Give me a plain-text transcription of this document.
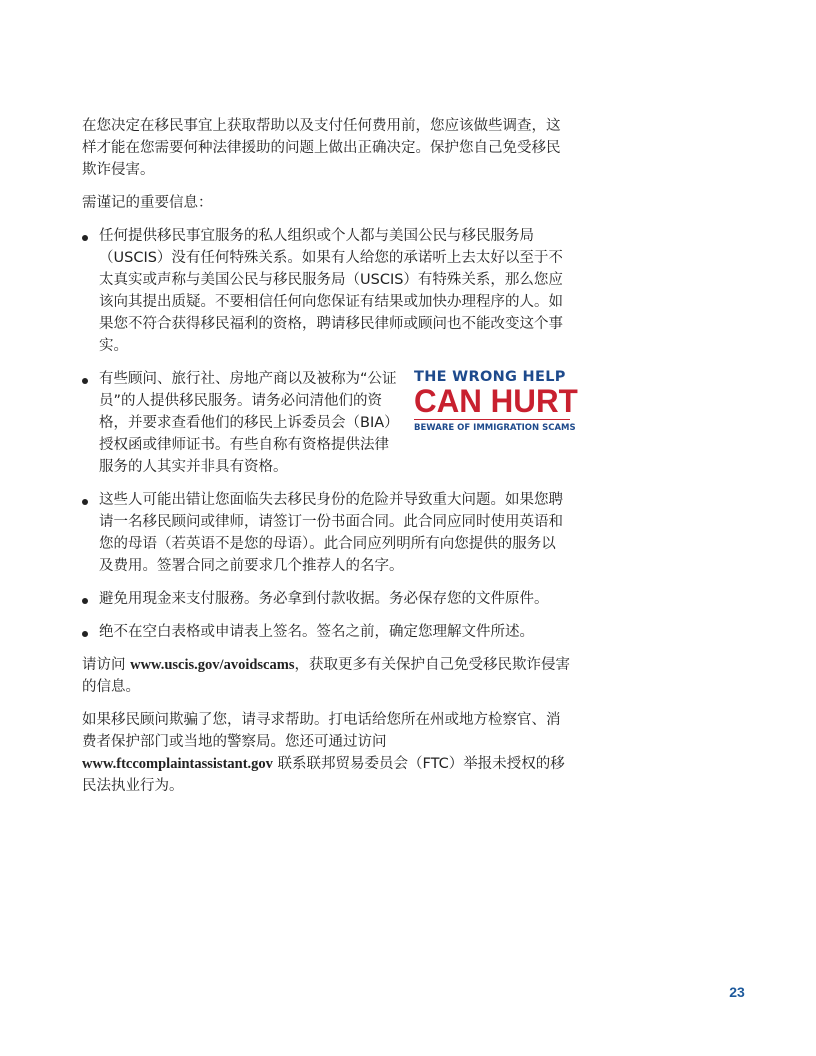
在您决定在移民事宜上获取帮助以及支付任何费用前，您应该做些调查，这样才能在您需要何种法律援助的问题上做出正确决定。保护您自己免受移民欺诈侵害。

需谨记的重要信息：

任何提供移民事宜服务的私人组织或个人都与美国公民与移民服务局（USCIS）没有任何特殊关系。如果有人给您的承诺听上去太好以至于不太真实或声称与美国公民与移民服务局（USCIS）有特殊关系，那么您应该向其提出质疑。不要相信任何向您保证有结果或加快办理程序的人。如果您不符合获得移民福利的资格，聘请移民律师或顾问也不能改变这个事实。
THE WRONG HELP
CAN HURT
BEWARE OF IMMIGRATION SCAMS
有些顾问、旅行社、房地产商以及被称为“公证员”的人提供移民服务。请务必问清他们的资格，并要求查看他们的移民上诉委员会（BIA）授权函或律师证书。有些自称有资格提供法律服务的人其实并非具有资格。
这些人可能出错让您面临失去移民身份的危险并导致重大问题。如果您聘请一名移民顾问或律师，请签订一份书面合同。此合同应同时使用英语和您的母语（若英语不是您的母语）。此合同应列明所有向您提供的服务以及费用。签署合同之前要求几个推荐人的名字。
避免用現金来支付服務。务必拿到付款收据。务必保存您的文件原件。
绝不在空白表格或申请表上签名。签名之前，确定您理解文件所述。

请访问 www.uscis.gov/avoidscams，获取更多有关保护自己免受移民欺诈侵害的信息。

如果移民顾问欺骗了您，请寻求帮助。打电话给您所在州或地方检察官、消费者保护部门或当地的警察局。您还可通过访问 www.ftccomplaintassistant.gov 联系联邦贸易委员会（FTC）举报未授权的移民法执业行为。

23
